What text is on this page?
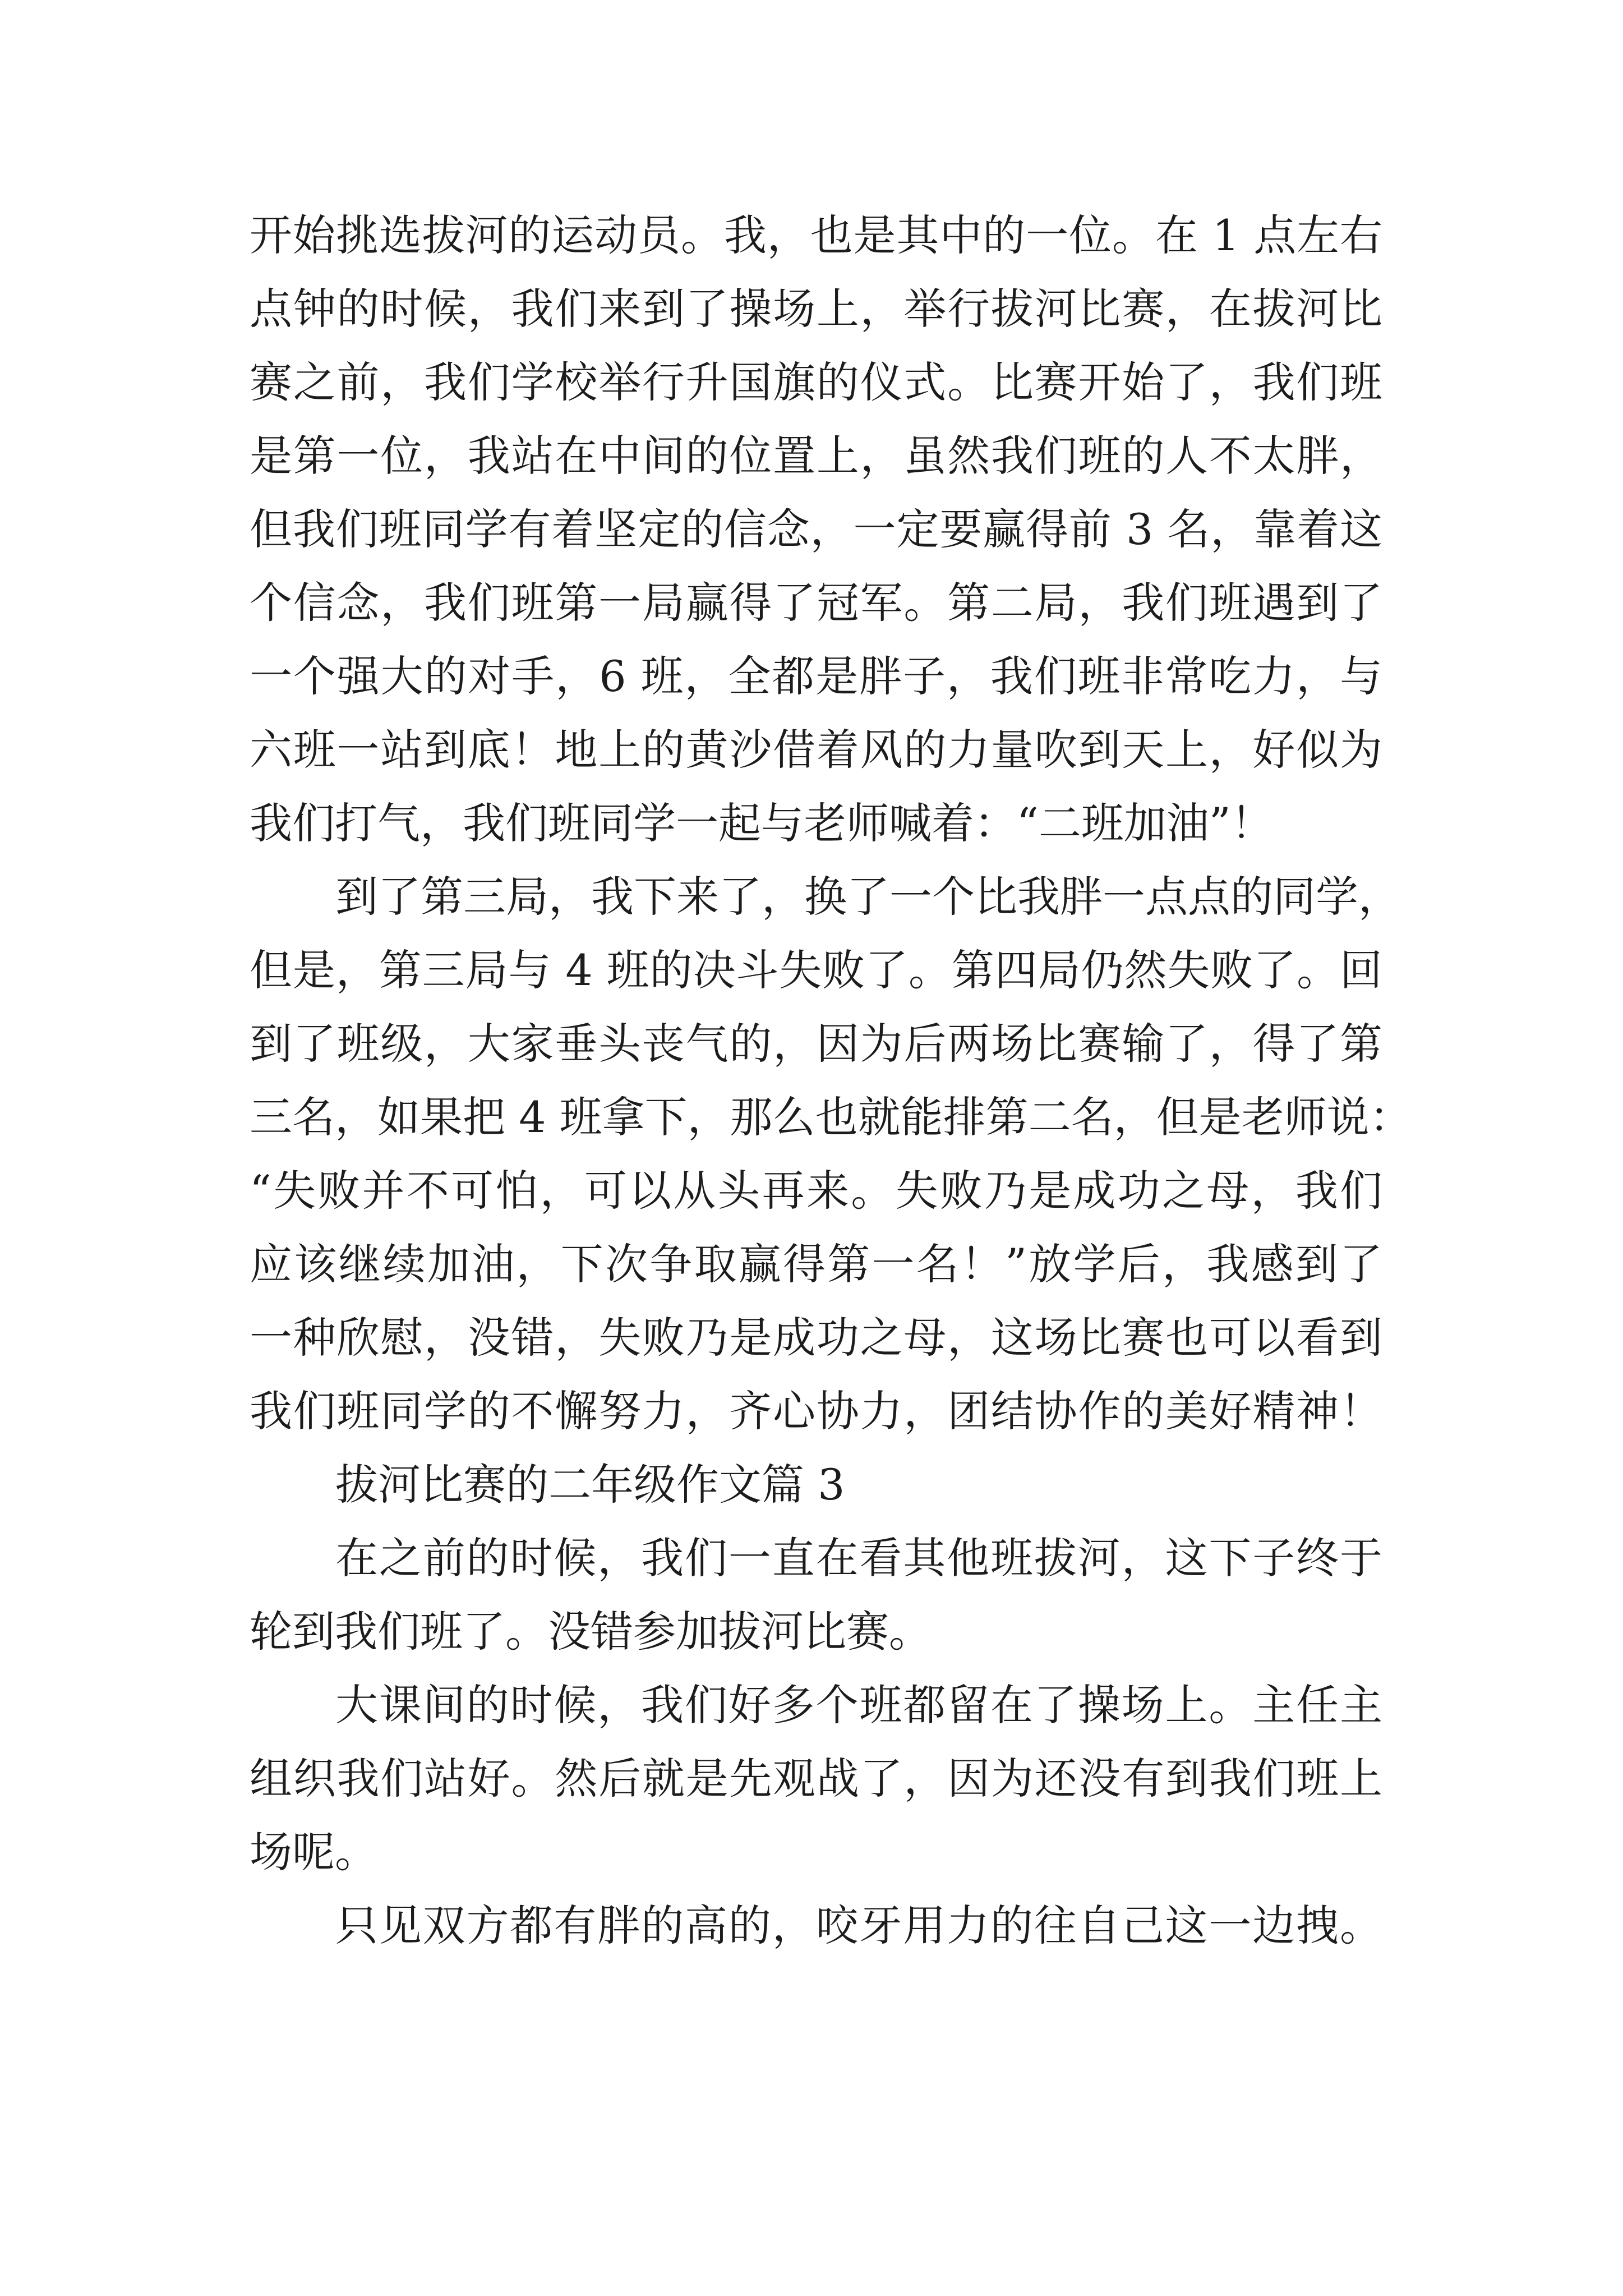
开始挑选拔河的运动员。我，也是其中的一位。在 1 点左右
点钟的时候，我们来到了操场上，举行拔河比赛，在拔河比
赛之前，我们学校举行升国旗的仪式。比赛开始了，我们班
是第一位，我站在中间的位置上，虽然我们班的人不太胖，
但我们班同学有着坚定的信念，一定要赢得前 3 名，靠着这
个信念，我们班第一局赢得了冠军。第二局，我们班遇到了
一个强大的对手，6 班，全都是胖子，我们班非常吃力，与
六班一站到底！地上的黄沙借着风的力量吹到天上，好似为
我们打气，我们班同学一起与老师喊着：“二班加油”！
到了第三局，我下来了，换了一个比我胖一点点的同学，
但是，第三局与 4 班的决斗失败了。第四局仍然失败了。回
到了班级，大家垂头丧气的，因为后两场比赛输了，得了第
三名，如果把 4 班拿下，那么也就能排第二名，但是老师说：
“失败并不可怕，可以从头再来。失败乃是成功之母，我们
应该继续加油，下次争取赢得第一名！”放学后，我感到了
一种欣慰，没错，失败乃是成功之母，这场比赛也可以看到
我们班同学的不懈努力，齐心协力，团结协作的美好精神！
拔河比赛的二年级作文篇 3
在之前的时候，我们一直在看其他班拔河，这下子终于
轮到我们班了。没错参加拔河比赛。
大课间的时候，我们好多个班都留在了操场上。主任主
组织我们站好。然后就是先观战了，因为还没有到我们班上
场呢。
只见双方都有胖的高的，咬牙用力的往自己这一边拽。
